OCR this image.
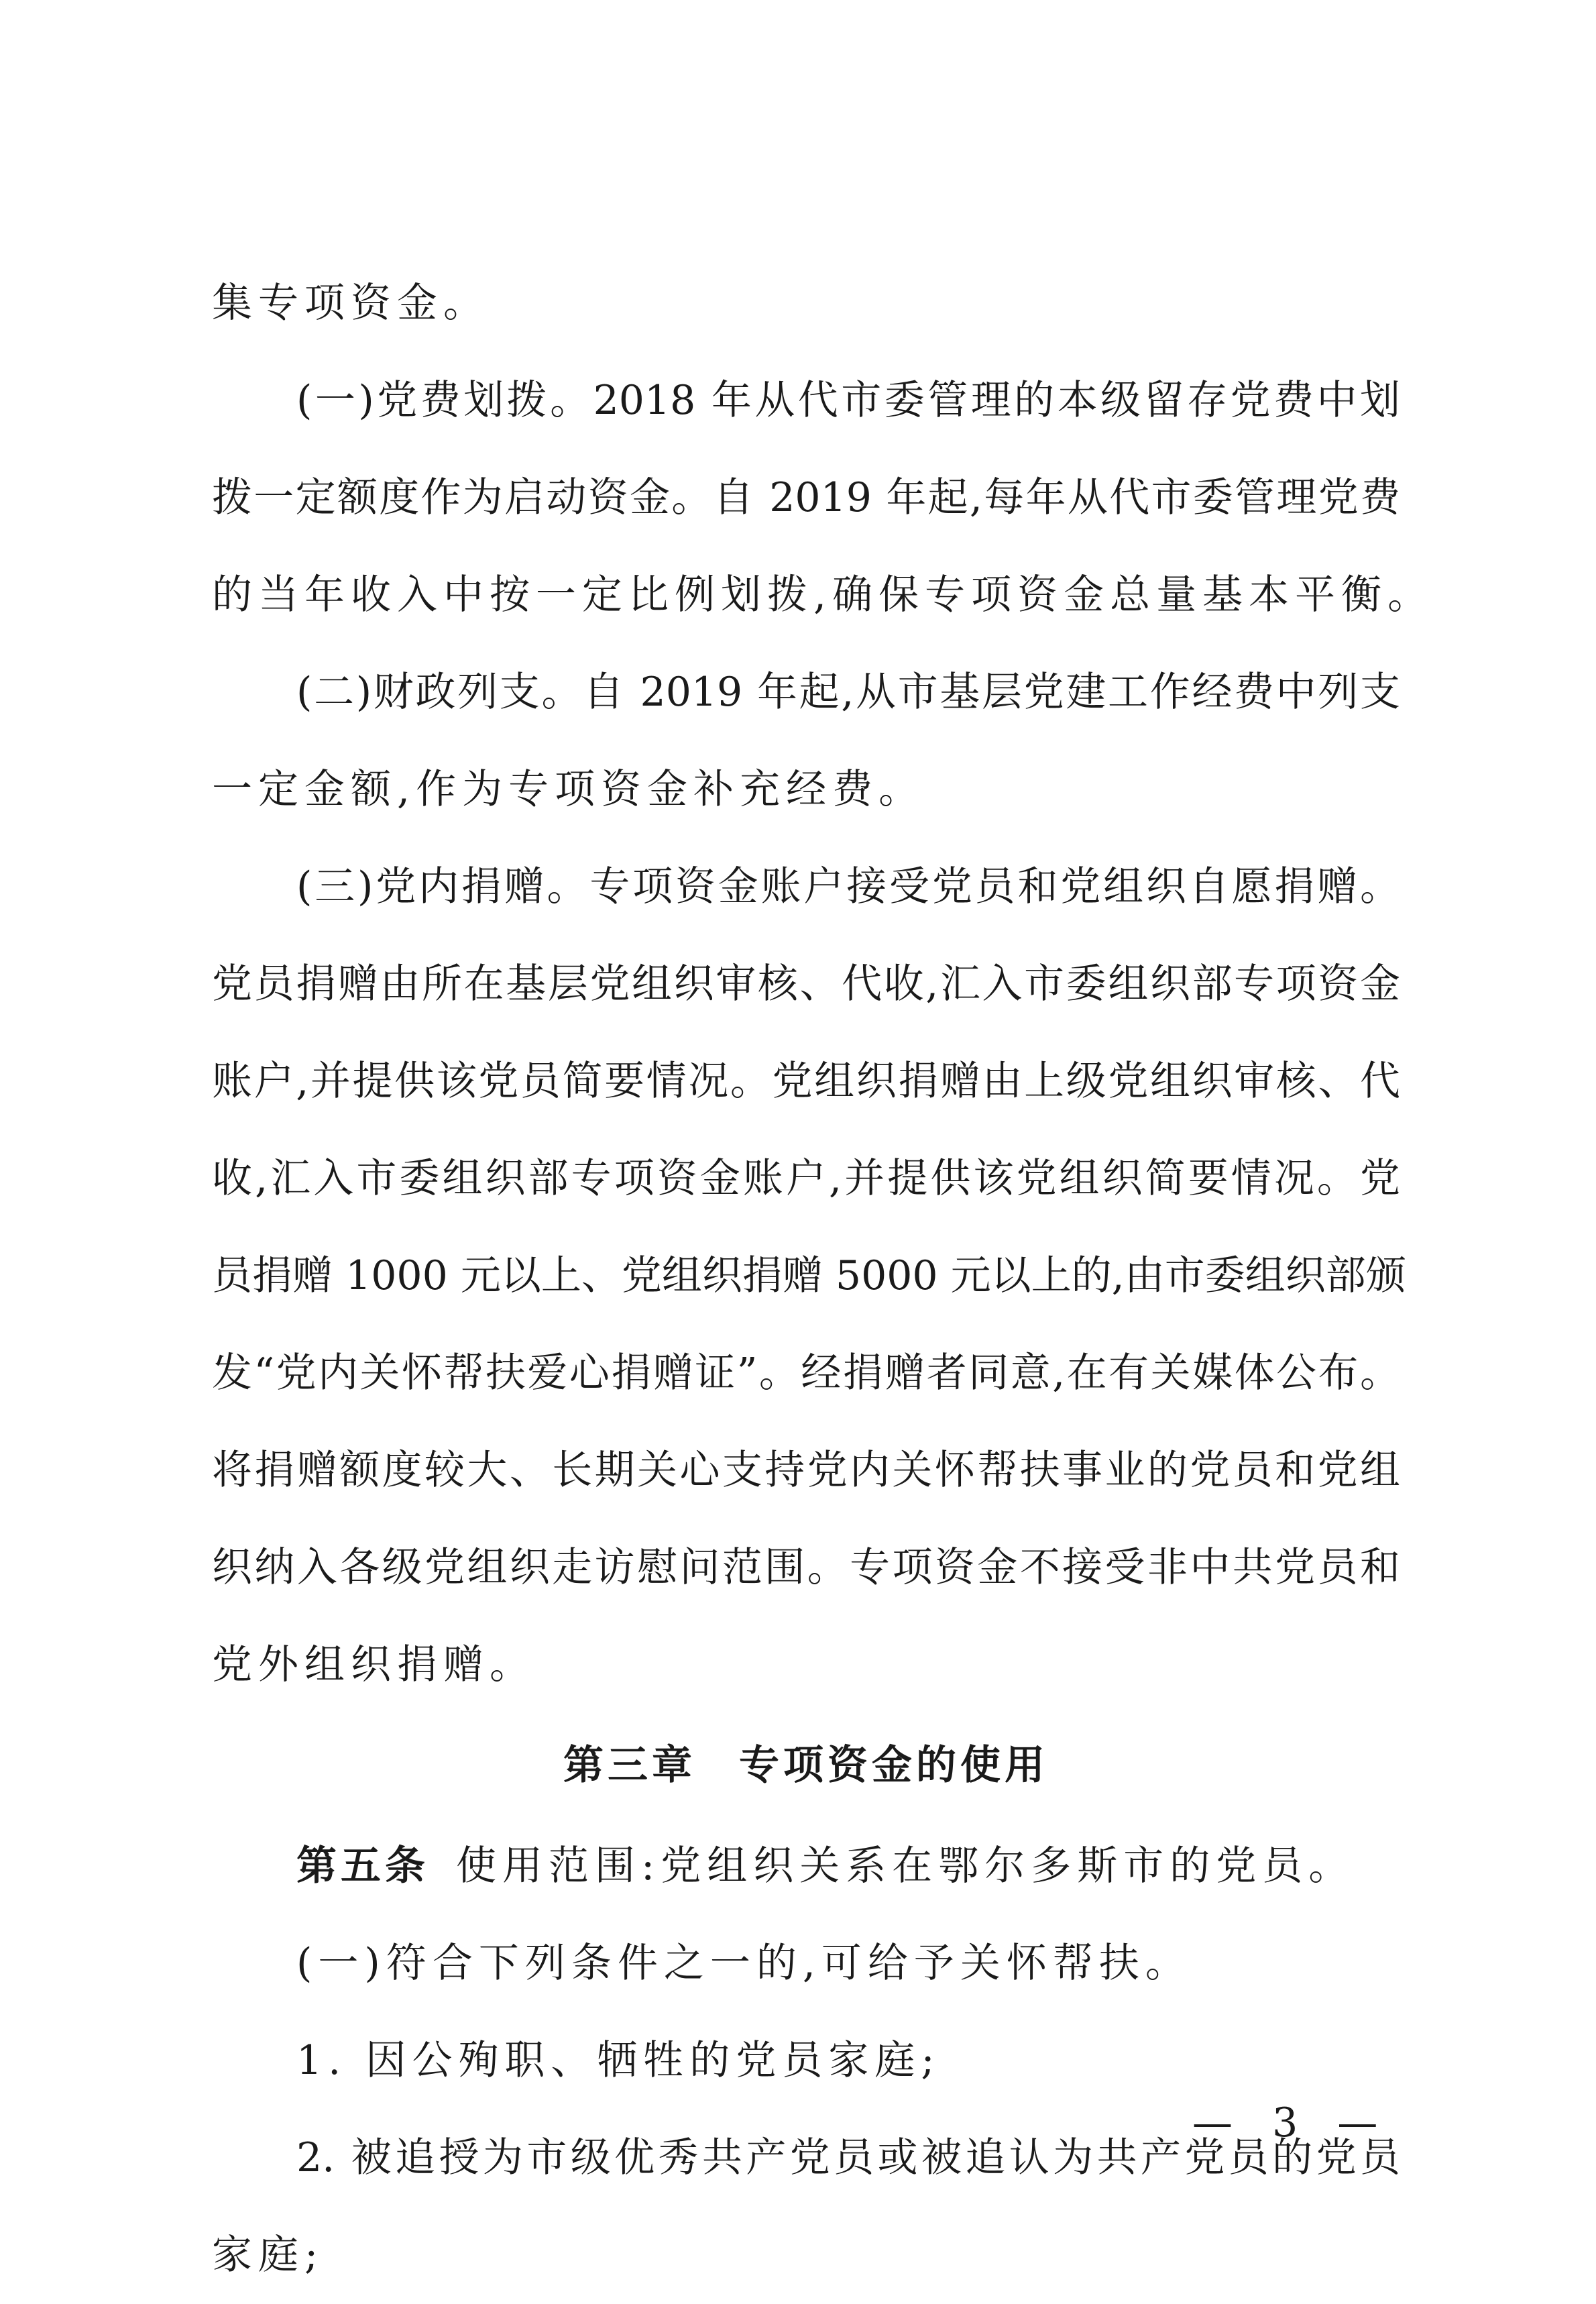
集专项资金。
(一)党费划拨。2018 年从代市委管理的本级留存党费中划
拨一定额度作为启动资金。自 2019 年起,每年从代市委管理党费
的当年收入中按一定比例划拨,确保专项资金总量基本平衡。
(二)财政列支。自 2019 年起,从市基层党建工作经费中列支
一定金额,作为专项资金补充经费。
(三)党内捐赠。专项资金账户接受党员和党组织自愿捐赠。
党员捐赠由所在基层党组织审核、代收,汇入市委组织部专项资金
账户,并提供该党员简要情况。党组织捐赠由上级党组织审核、代
收,汇入市委组织部专项资金账户,并提供该党组织简要情况。党
员捐赠 1000 元以上、党组织捐赠 5000 元以上的,由市委组织部颁
发“党内关怀帮扶爱心捐赠证”。经捐赠者同意,在有关媒体公布。
将捐赠额度较大、长期关心支持党内关怀帮扶事业的党员和党组
织纳入各级党组织走访慰问范围。专项资金不接受非中共党员和
党外组织捐赠。
第三章 专项资金的使用
第五条 使用范围:党组织关系在鄂尔多斯市的党员。
(一)符合下列条件之一的,可给予关怀帮扶。
1. 因公殉职、牺牲的党员家庭;
2. 被追授为市级优秀共产党员或被追认为共产党员的党员
家庭;
— 3 —
